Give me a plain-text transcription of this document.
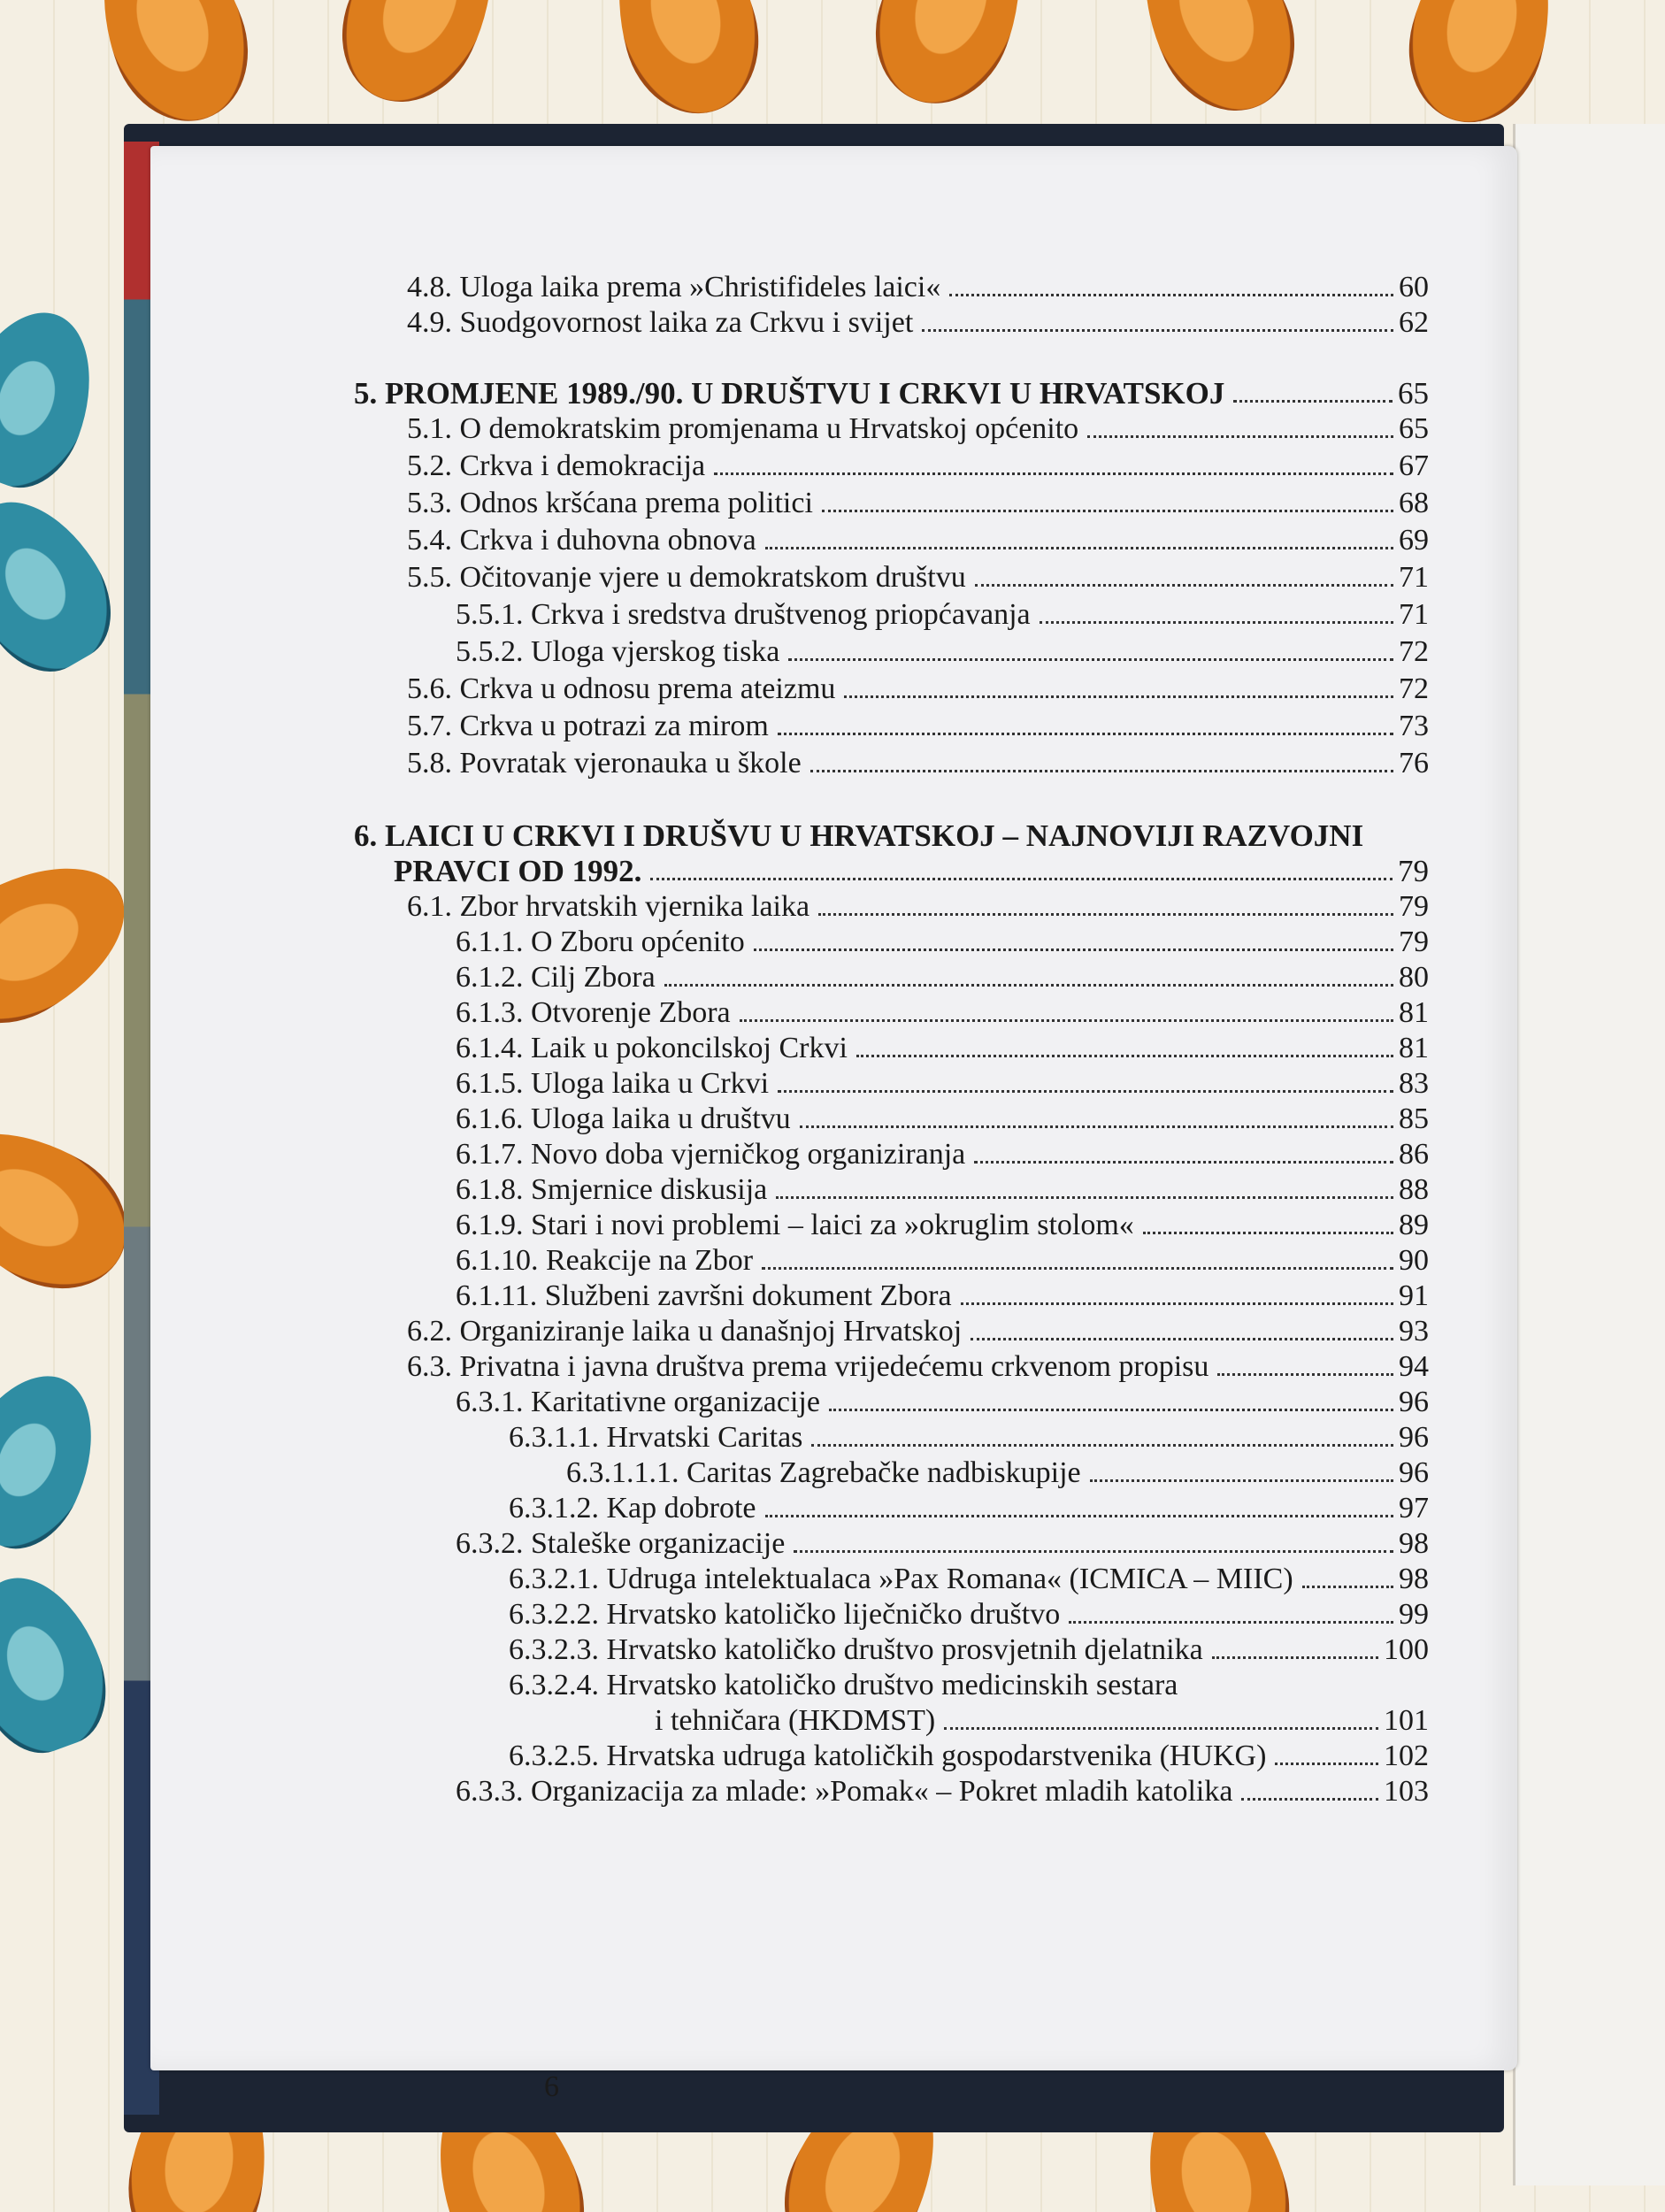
4.8. Uloga laika prema »Christifideles laici«	60
4.9. Suodgovornost laika za Crkvu i svijet	62
5. PROMJENE 1989./90. U DRUŠTVU I CRKVI U HRVATSKOJ	65
5.1. O demokratskim promjenama u Hrvatskoj općenito	65
5.2. Crkva i demokracija	67
5.3. Odnos kršćana prema politici	68
5.4. Crkva i duhovna obnova	69
5.5. Očitovanje vjere u demokratskom društvu	71
5.5.1. Crkva i sredstva društvenog priopćavanja	71
5.5.2. Uloga vjerskog tiska	72
5.6. Crkva u odnosu prema ateizmu	72
5.7. Crkva u potrazi za mirom	73
5.8. Povratak vjeronauka u škole	76
6. LAICI U CRKVI I DRUŠVU U HRVATSKOJ – NAJNOVIJI RAZVOJNI
PRAVCI OD 1992.	79
6.1. Zbor hrvatskih vjernika laika	79
6.1.1. O Zboru općenito	79
6.1.2. Cilj Zbora	80
6.1.3. Otvorenje Zbora	81
6.1.4. Laik u pokoncilskoj Crkvi	81
6.1.5. Uloga laika u Crkvi	83
6.1.6. Uloga laika u društvu	85
6.1.7. Novo doba vjerničkog organiziranja	86
6.1.8. Smjernice diskusija	88
6.1.9. Stari i novi problemi – laici za »okruglim stolom«	89
6.1.10. Reakcije na Zbor	90
6.1.11. Službeni završni dokument Zbora	91
6.2. Organiziranje laika u današnjoj Hrvatskoj	93
6.3. Privatna i javna društva prema vrijedećemu crkvenom propisu	94
6.3.1. Karitativne organizacije	96
6.3.1.1. Hrvatski Caritas	96
6.3.1.1.1. Caritas Zagrebačke nadbiskupije	96
6.3.1.2. Kap dobrote	97
6.3.2. Staleške organizacije	98
6.3.2.1. Udruga intelektualaca »Pax Romana« (ICMICA – MIIC)	98
6.3.2.2. Hrvatsko katoličko liječničko društvo	99
6.3.2.3. Hrvatsko katoličko društvo prosvjetnih djelatnika	100
6.3.2.4. Hrvatsko katoličko društvo medicinskih sestara
i tehničara (HKDMST)	101
6.3.2.5. Hrvatska udruga katoličkih gospodarstvenika (HUKG)	102
6.3.3. Organizacija za mlade: »Pomak« – Pokret mladih katolika	103
6
